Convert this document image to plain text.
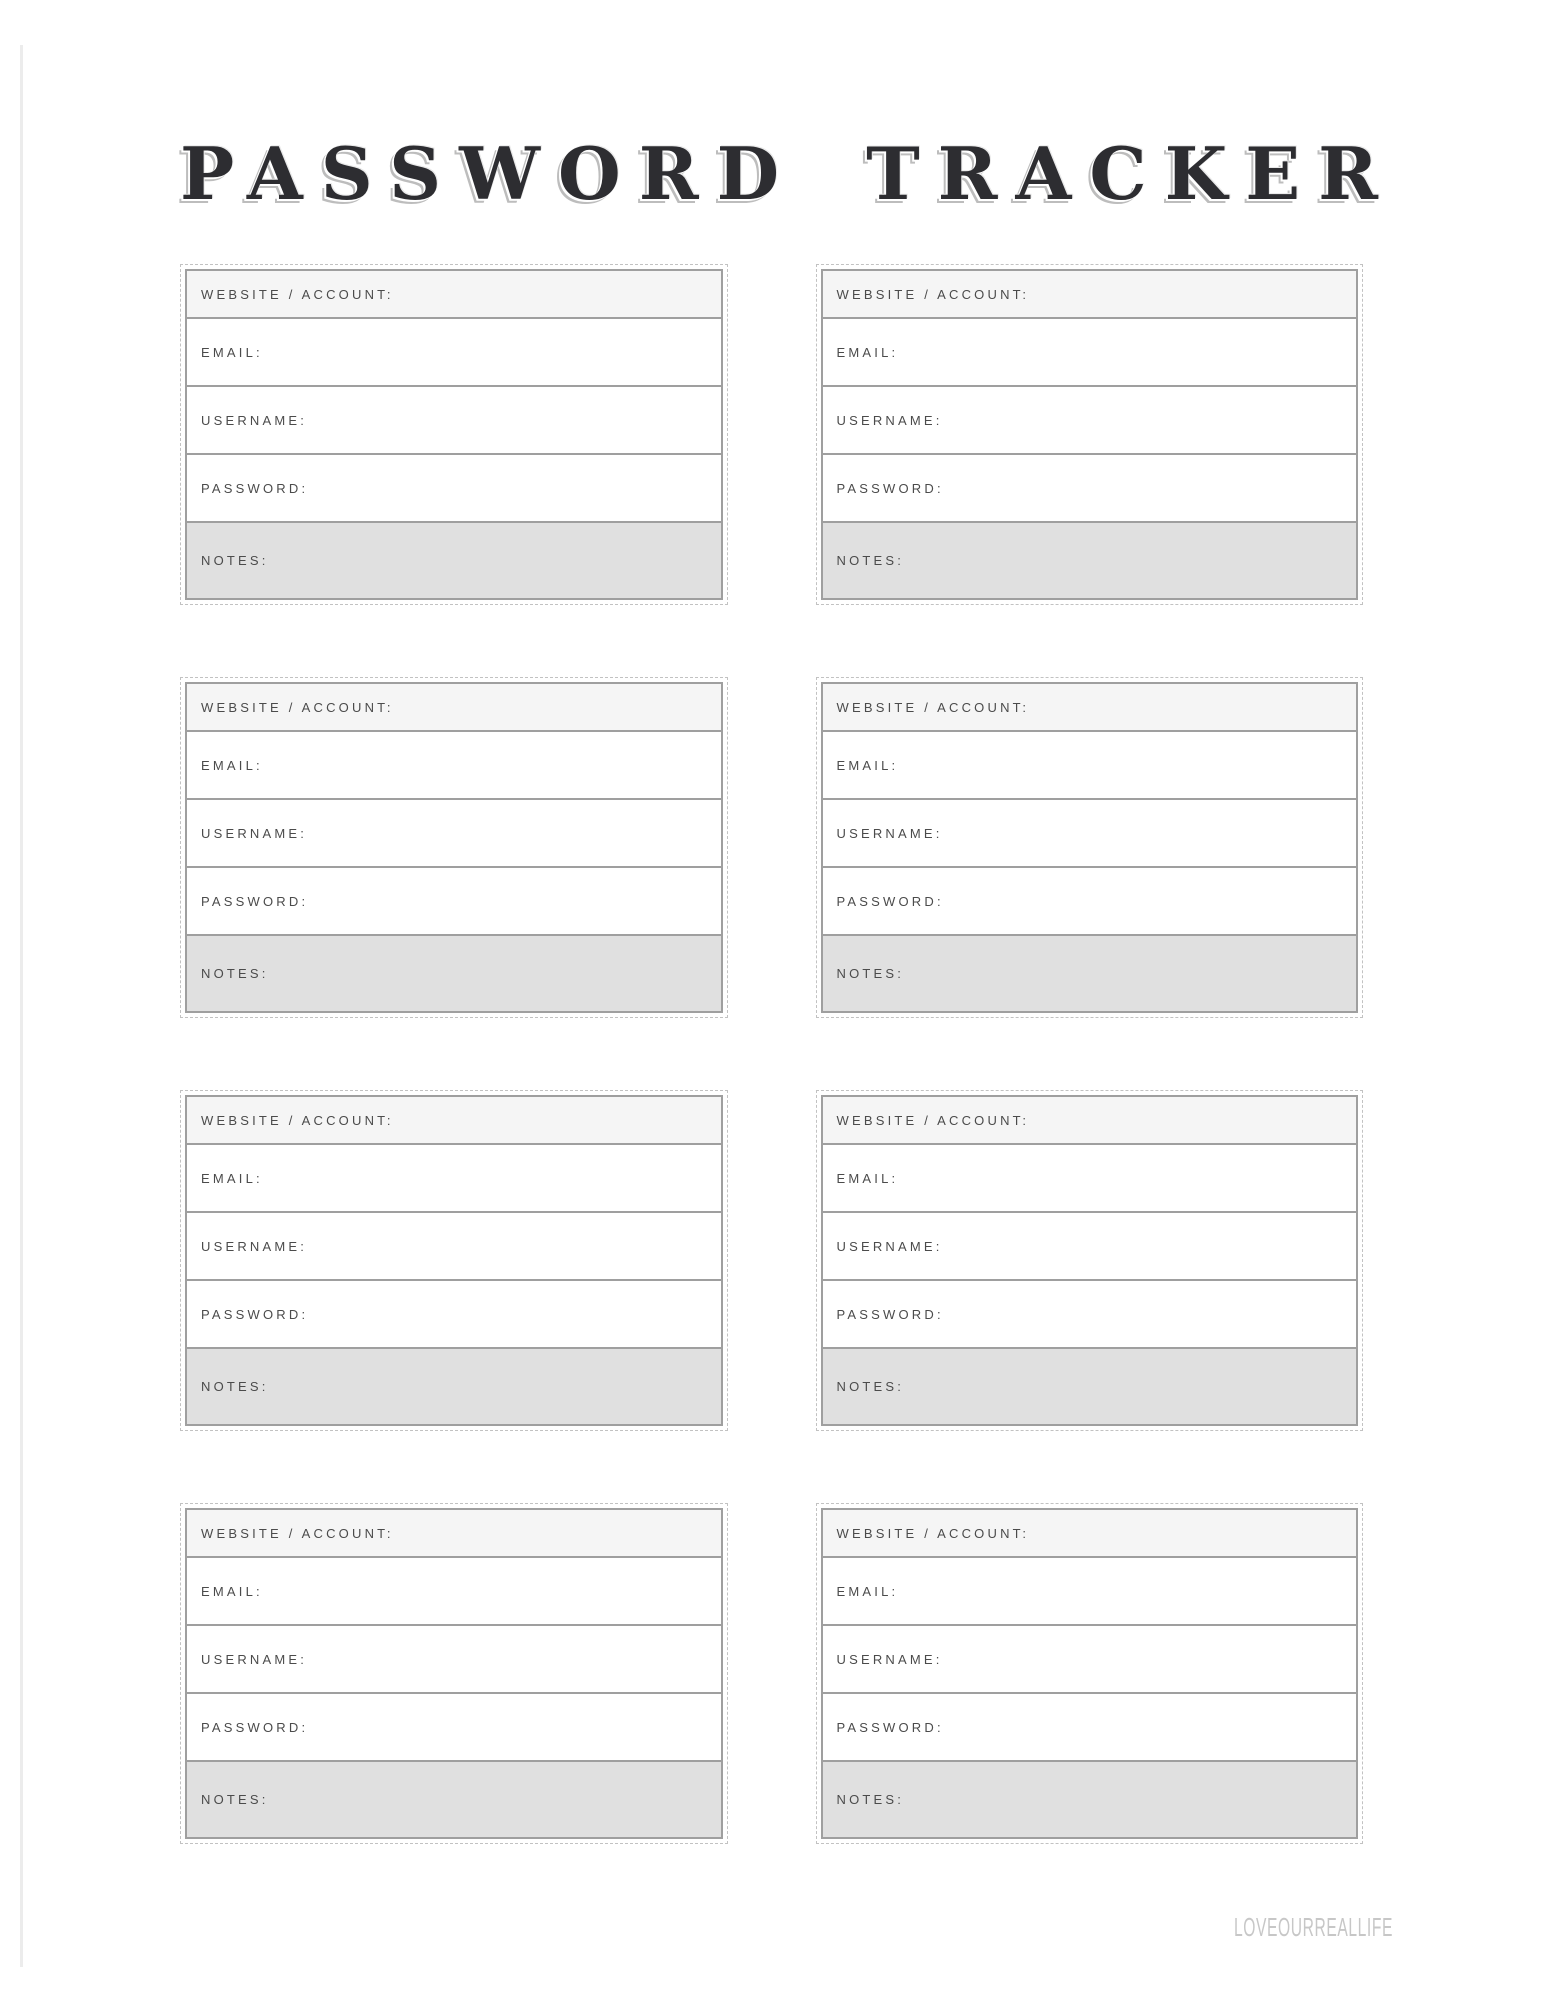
PASSWORD TRACKER
WEBSITE / ACCOUNT:
EMAIL:
USERNAME:
PASSWORD:
NOTES:
WEBSITE / ACCOUNT:
EMAIL:
USERNAME:
PASSWORD:
NOTES:
WEBSITE / ACCOUNT:
EMAIL:
USERNAME:
PASSWORD:
NOTES:
WEBSITE / ACCOUNT:
EMAIL:
USERNAME:
PASSWORD:
NOTES:
WEBSITE / ACCOUNT:
EMAIL:
USERNAME:
PASSWORD:
NOTES:
WEBSITE / ACCOUNT:
EMAIL:
USERNAME:
PASSWORD:
NOTES:
WEBSITE / ACCOUNT:
EMAIL:
USERNAME:
PASSWORD:
NOTES:
WEBSITE / ACCOUNT:
EMAIL:
USERNAME:
PASSWORD:
NOTES:
LOVEOURREALLIFE
